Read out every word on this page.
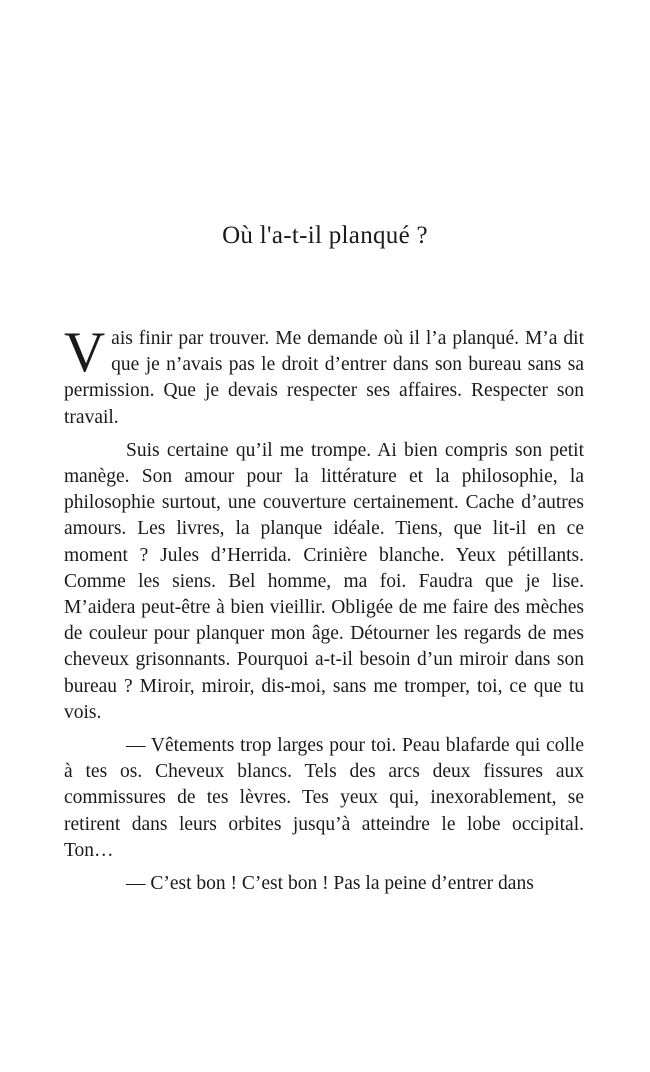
Où l'a-t-il planqué ?

Vais finir par trouver. Me demande où il l’a planqué. M’a dit que je n’avais pas le droit d’entrer dans son bureau sans sa permission. Que je devais respecter ses affaires. Respecter son travail.

Suis certaine qu’il me trompe. Ai bien compris son petit manège. Son amour pour la littérature et la philosophie, la philosophie surtout, une couverture certainement. Cache d’autres amours. Les livres, la planque idéale. Tiens, que lit-il en ce moment ? Jules d’Herrida. Crinière blanche. Yeux pétillants. Comme les siens. Bel homme, ma foi. Faudra que je lise. M’aidera peut-être à bien vieillir. Obligée de me faire des mèches de couleur pour planquer mon âge. Détourner les regards de mes cheveux grisonnants. Pourquoi a-t-il besoin d’un miroir dans son bureau ? Miroir, miroir, dis-moi, sans me tromper, toi, ce que tu vois.

— Vêtements trop larges pour toi. Peau blafarde qui colle à tes os. Cheveux blancs. Tels des arcs deux fissures aux commissures de tes lèvres. Tes yeux qui, inexorablement, se retirent dans leurs orbites jusqu’à atteindre le lobe occipital. Ton…

— C’est bon ! C’est bon ! Pas la peine d’entrer dans
